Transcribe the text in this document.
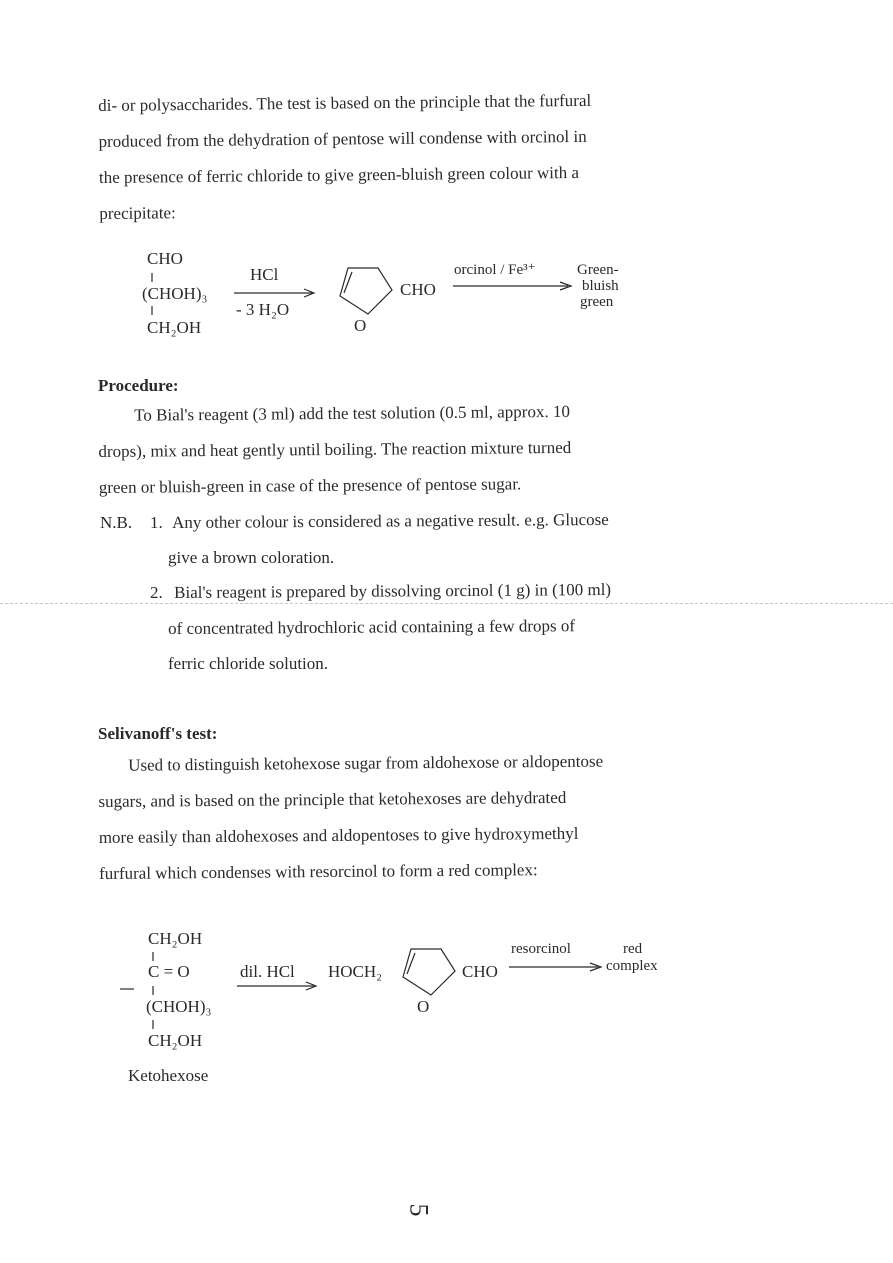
di- or polysaccharides. The test is based on the principle that the furfural
produced from the dehydration of pentose will condense with orcinol in
the presence of ferric chloride to give green-bluish green colour with a
precipitate:
CHO
(CHOH)₃
CH₂OH
HCl
- 3 H₂O
CHO
O
orcinol / Fe³⁺	Green-
bluish
green
Procedure:
To Bial's reagent (3 ml) add the test solution (0.5 ml, approx. 10
drops), mix and heat gently until boiling. The reaction mixture turned
green or bluish-green in case of the presence of pentose sugar.
N.B. 1. Any other colour is considered as a negative result. e.g. Glucose
give a brown coloration.
2. Bial's reagent is prepared by dissolving orcinol (1 g) in (100 ml)
of concentrated hydrochloric acid containing a few drops of
ferric chloride solution.
Selivanoff's test:
Used to distinguish ketohexose sugar from aldohexose or aldopentose
sugars, and is based on the principle that ketohexoses are dehydrated
more easily than aldohexoses and aldopentoses to give hydroxymethyl
furfural which condenses with resorcinol to form a red complex:
CH₂OH
C = O
(CHOH)₃
CH₂OH
Ketohexose
dil. HCl HOCH₂	CHO
O
resorcinol	red
complex
5
